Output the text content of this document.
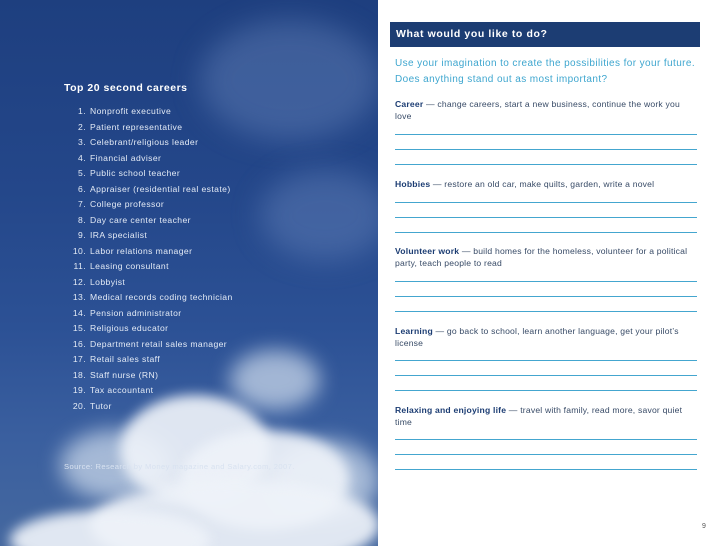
Top 20 second careers
1. Nonprofit executive
2. Patient representative
3. Celebrant/religious leader
4. Financial adviser
5. Public school teacher
6. Appraiser (residential real estate)
7. College professor
8. Day care center teacher
9. IRA specialist
10. Labor relations manager
11. Leasing consultant
12. Lobbyist
13. Medical records coding technician
14. Pension administrator
15. Religious educator
16. Department retail sales manager
17. Retail sales staff
18. Staff nurse (RN)
19. Tax accountant
20. Tutor
Source: Research by Money magazine and Salary.com, 2007.
What would you like to do?
Use your imagination to create the possibilities for your future. Does anything stand out as most important?
Career — change careers, start a new business, continue the work you love
Hobbies — restore an old car, make quilts, garden, write a novel
Volunteer work — build homes for the homeless, volunteer for a political party, teach people to read
Learning — go back to school, learn another language, get your pilot’s license
Relaxing and enjoying life — travel with family, read more, savor quiet time
9
